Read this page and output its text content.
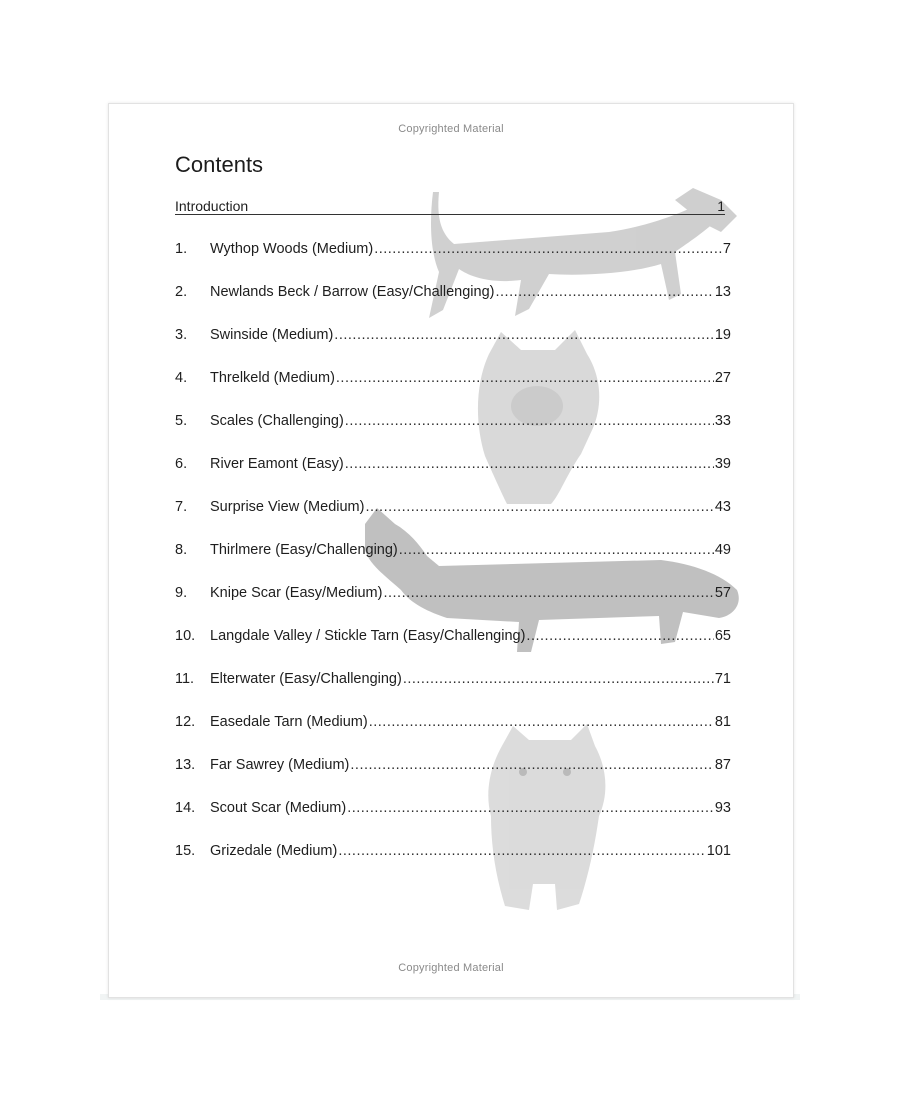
Copyrighted Material
Contents
Introduction	1
1.	Wythop Woods (Medium) .....	7
2.	Newlands Beck / Barrow (Easy/Challenging) .....	13
3.	Swinside (Medium) .....	19
4.	Threlkeld (Medium) .....	27
5.	Scales (Challenging) .....	33
6.	River Eamont (Easy) .....	39
7.	Surprise View (Medium) .....	43
8.	Thirlmere (Easy/Challenging) .....	49
9.	Knipe Scar (Easy/Medium) .....	57
10.	Langdale Valley / Stickle Tarn (Easy/Challenging) .....	65
11.	Elterwater (Easy/Challenging) .....	71
12.	Easedale Tarn (Medium) .....	81
13.	Far Sawrey (Medium) .....	87
14.	Scout Scar (Medium) .....	93
15.	Grizedale (Medium) .....	101
Copyrighted Material
